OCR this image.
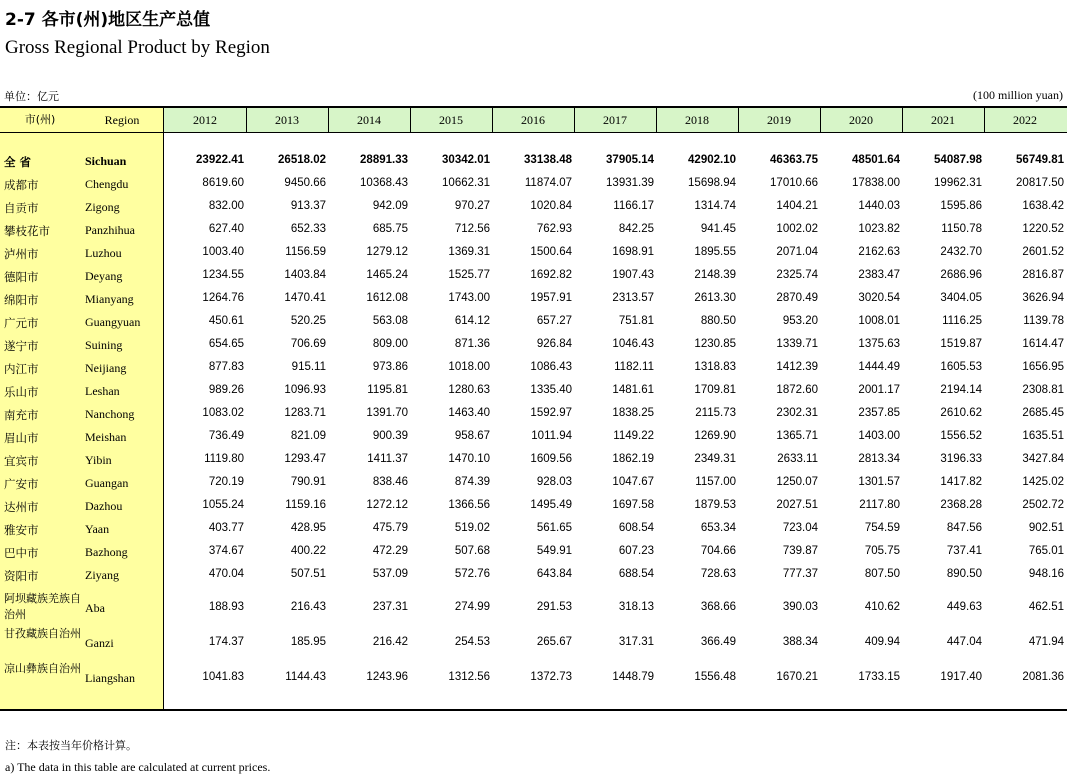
2-7 各市(州)地区生产总值
Gross Regional Product by Region
单位：亿元	(100 million yuan)
市(州)	Region	2012	2013	2014	2015	2016	2017	2018	2019	2020	2021	2022
全 省	Sichuan	23922.41	26518.02	28891.33	30342.01	33138.48	37905.14	42902.10	46363.75	48501.64	54087.98	56749.81
成都市	Chengdu	8619.60	9450.66	10368.43	10662.31	11874.07	13931.39	15698.94	17010.66	17838.00	19962.31	20817.50
自贡市	Zigong	832.00	913.37	942.09	970.27	1020.84	1166.17	1314.74	1404.21	1440.03	1595.86	1638.42
攀枝花市	Panzhihua	627.40	652.33	685.75	712.56	762.93	842.25	941.45	1002.02	1023.82	1150.78	1220.52
泸州市	Luzhou	1003.40	1156.59	1279.12	1369.31	1500.64	1698.91	1895.55	2071.04	2162.63	2432.70	2601.52
德阳市	Deyang	1234.55	1403.84	1465.24	1525.77	1692.82	1907.43	2148.39	2325.74	2383.47	2686.96	2816.87
绵阳市	Mianyang	1264.76	1470.41	1612.08	1743.00	1957.91	2313.57	2613.30	2870.49	3020.54	3404.05	3626.94
广元市	Guangyuan	450.61	520.25	563.08	614.12	657.27	751.81	880.50	953.20	1008.01	1116.25	1139.78
遂宁市	Suining	654.65	706.69	809.00	871.36	926.84	1046.43	1230.85	1339.71	1375.63	1519.87	1614.47
内江市	Neijiang	877.83	915.11	973.86	1018.00	1086.43	1182.11	1318.83	1412.39	1444.49	1605.53	1656.95
乐山市	Leshan	989.26	1096.93	1195.81	1280.63	1335.40	1481.61	1709.81	1872.60	2001.17	2194.14	2308.81
南充市	Nanchong	1083.02	1283.71	1391.70	1463.40	1592.97	1838.25	2115.73	2302.31	2357.85	2610.62	2685.45
眉山市	Meishan	736.49	821.09	900.39	958.67	1011.94	1149.22	1269.90	1365.71	1403.00	1556.52	1635.51
宜宾市	Yibin	1119.80	1293.47	1411.37	1470.10	1609.56	1862.19	2349.31	2633.11	2813.34	3196.33	3427.84
广安市	Guangan	720.19	790.91	838.46	874.39	928.03	1047.67	1157.00	1250.07	1301.57	1417.82	1425.02
达州市	Dazhou	1055.24	1159.16	1272.12	1366.56	1495.49	1697.58	1879.53	2027.51	2117.80	2368.28	2502.72
雅安市	Yaan	403.77	428.95	475.79	519.02	561.65	608.54	653.34	723.04	754.59	847.56	902.51
巴中市	Bazhong	374.67	400.22	472.29	507.68	549.91	607.23	704.66	739.87	705.75	737.41	765.01
资阳市	Ziyang	470.04	507.51	537.09	572.76	643.84	688.54	728.63	777.37	807.50	890.50	948.16
阿坝藏族羌族自治州	Aba	188.93	216.43	237.31	274.99	291.53	318.13	368.66	390.03	410.62	449.63	462.51
甘孜藏族自治州
Ganzi	174.37	185.95	216.42	254.53	265.67	317.31	366.49	388.34	409.94	447.04	471.94
凉山彝族自治州
Liangshan	1041.83	1144.43	1243.96	1312.56	1372.73	1448.79	1556.48	1670.21	1733.15	1917.40	2081.36
注：本表按当年价格计算。
a) The data in this table are calculated at current prices.
